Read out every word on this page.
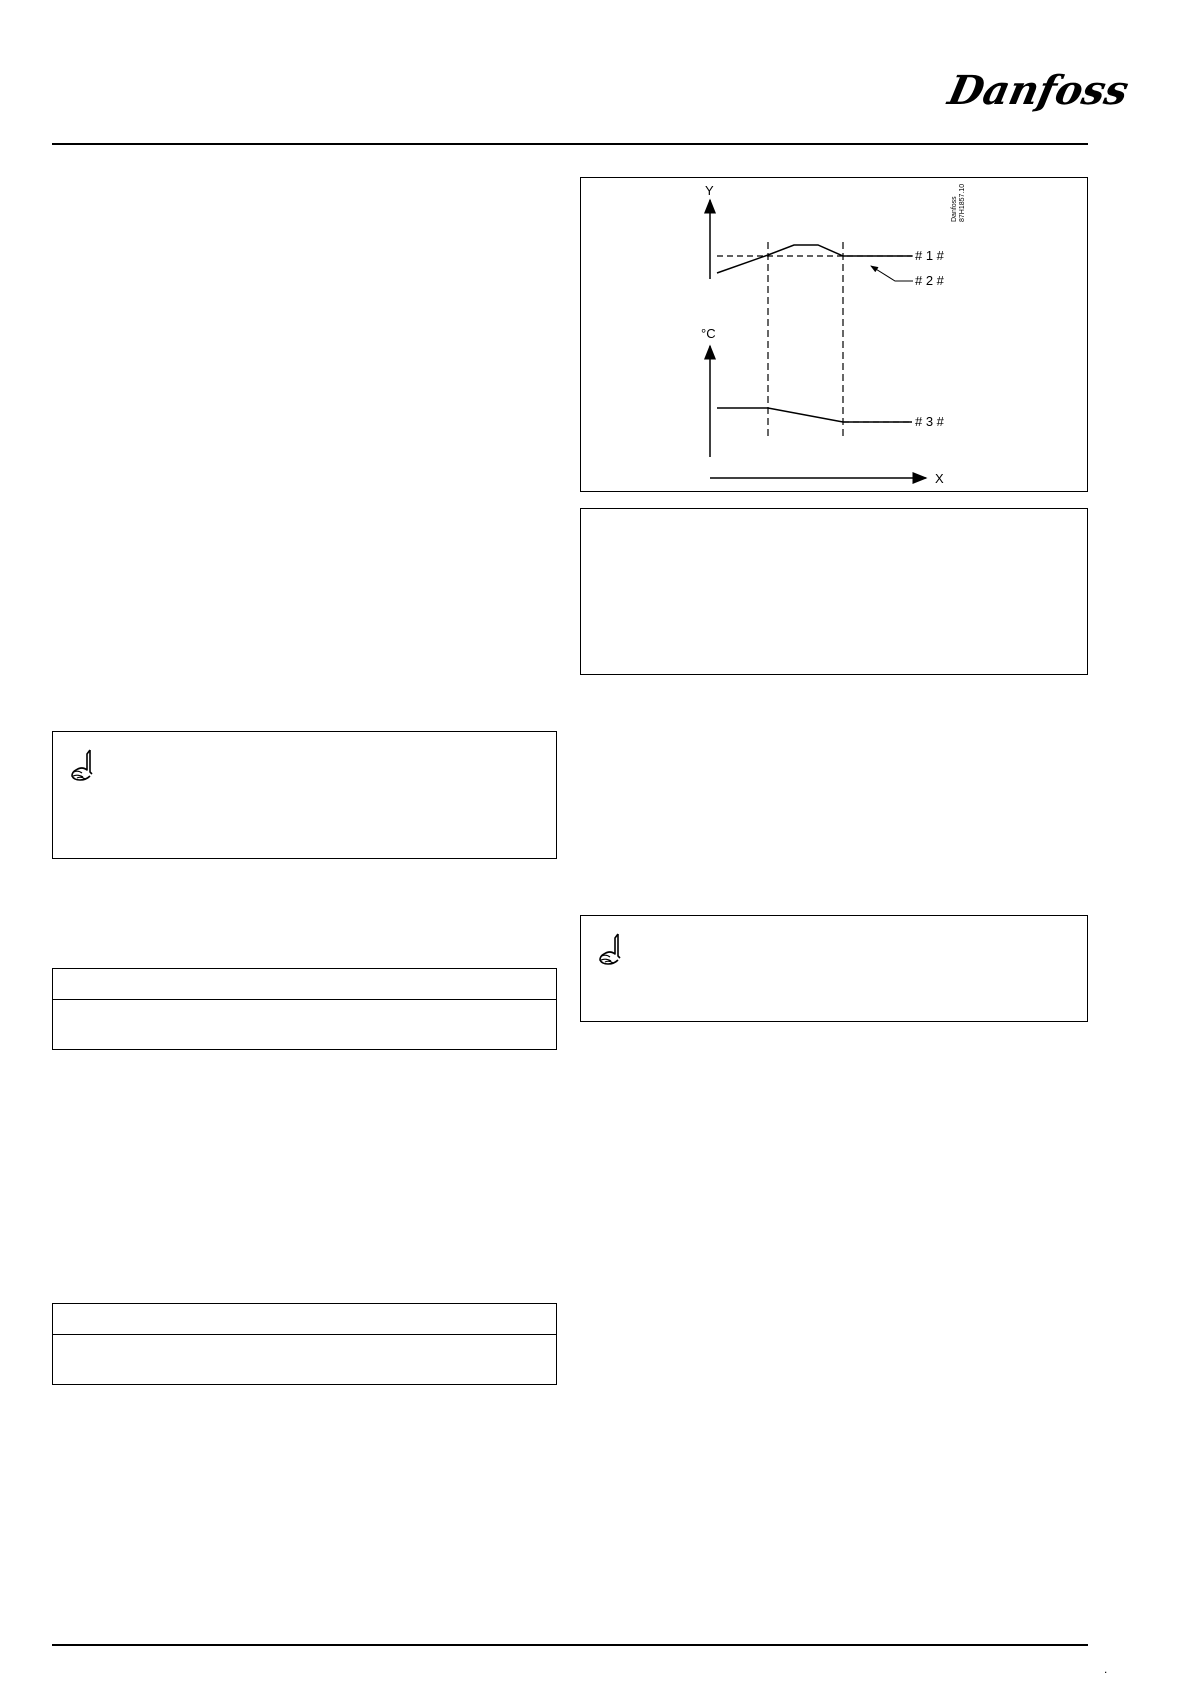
Danfoss
Y
Danfoss 87H1857.10
# 1 #
# 2 #
°C
# 3 #
X
.
